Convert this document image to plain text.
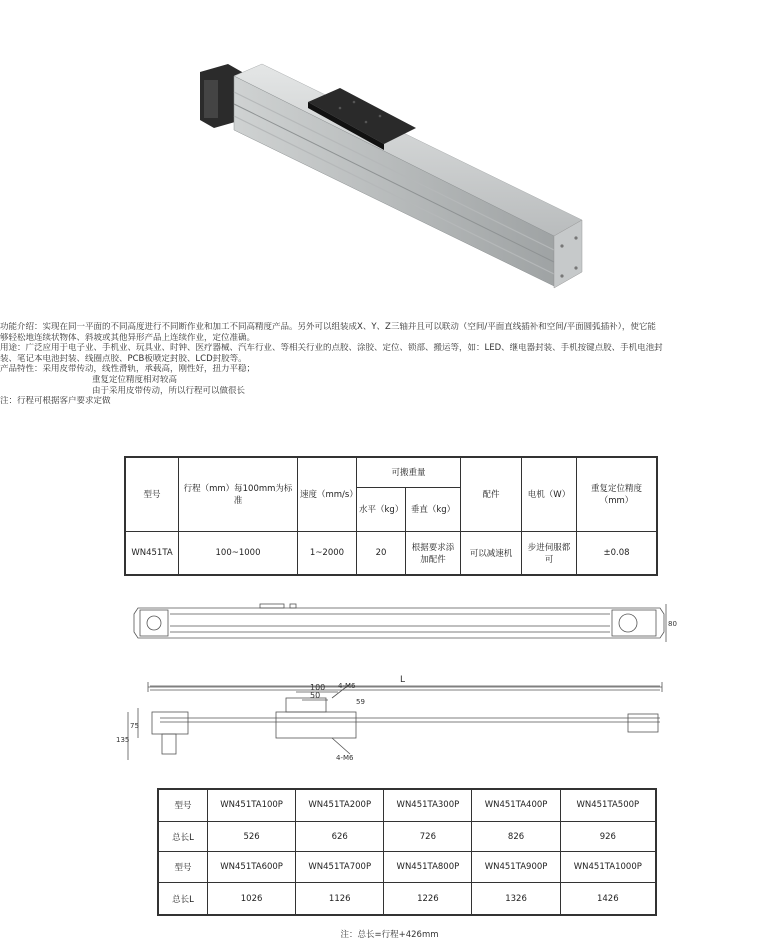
功能介绍：实现在同一平面的不同高度进行不同断作业和加工不同高精度产品。另外可以组装成X、Y、Z三轴并且可以联动（空间/平面直线插补和空间/平面圆弧插补），使它能
够轻松地连续状物体、斜坡或其他异形产品上连续作业，定位准确。
用途：广泛应用于电子业、手机业、玩具业、时钟、医疗器械、汽车行业、等相关行业的点胶、涂胶、定位、锁部、搬运等，如：LED、继电器封装、手机按键点胶、手机电池封
装、笔记本电池封装、线圈点胶、PCB板喷定封胶、LCD封胶等。
产品特性：采用皮带传动，线性滑轨，承载高，刚性好，扭力平稳；
重复定位精度相对较高
由于采用皮带传动，所以行程可以做很长
注：行程可根据客户要求定做
型号	行程（mm）每100mm为标准	速度（mm/s）	可搬重量		配件	电机（W）	重复定位精度（mm）
			水平（kg）	垂直（kg）			
WN451TA	100~1000	1~2000	20	根据要求添加配件	可以减速机	步进伺服都可	±0.08
L
100
50
59
75
135
80
4-M6
4-M6
型号	WN451TA100P	WN451TA200P	WN451TA300P	WN451TA400P	WN451TA500P
总长L	526	626	726	826	926
型号	WN451TA600P	WN451TA700P	WN451TA800P	WN451TA900P	WN451TA1000P
总长L	1026	1126	1226	1326	1426
注：总长=行程+426mm
